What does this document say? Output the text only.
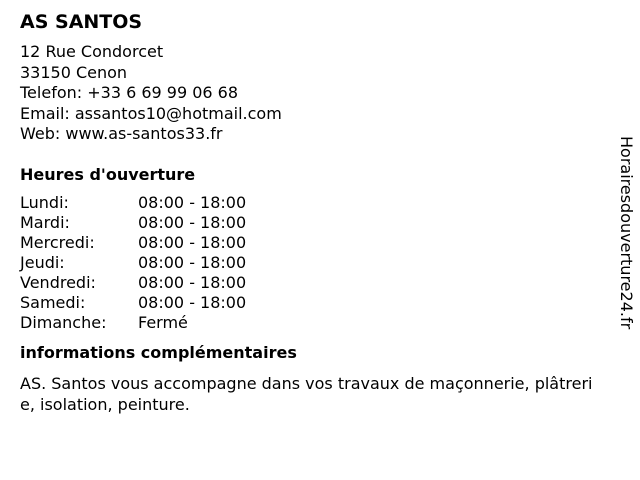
AS SANTOS
12 Rue Condorcet
33150 Cenon
Telefon: +33 6 69 99 06 68
Email: assantos10@hotmail.com
Web: www.as-santos33.fr
Heures d'ouverture
Lundi:	08:00 - 18:00
Mardi:	08:00 - 18:00
Mercredi:	08:00 - 18:00
Jeudi:	08:00 - 18:00
Vendredi:	08:00 - 18:00
Samedi:	08:00 - 18:00
Dimanche:	Fermé
informations complémentaires
AS. Santos vous accompagne dans vos travaux de maçonnerie, plâtrerie, isolation, peinture.
Horairesdouverture24.fr
